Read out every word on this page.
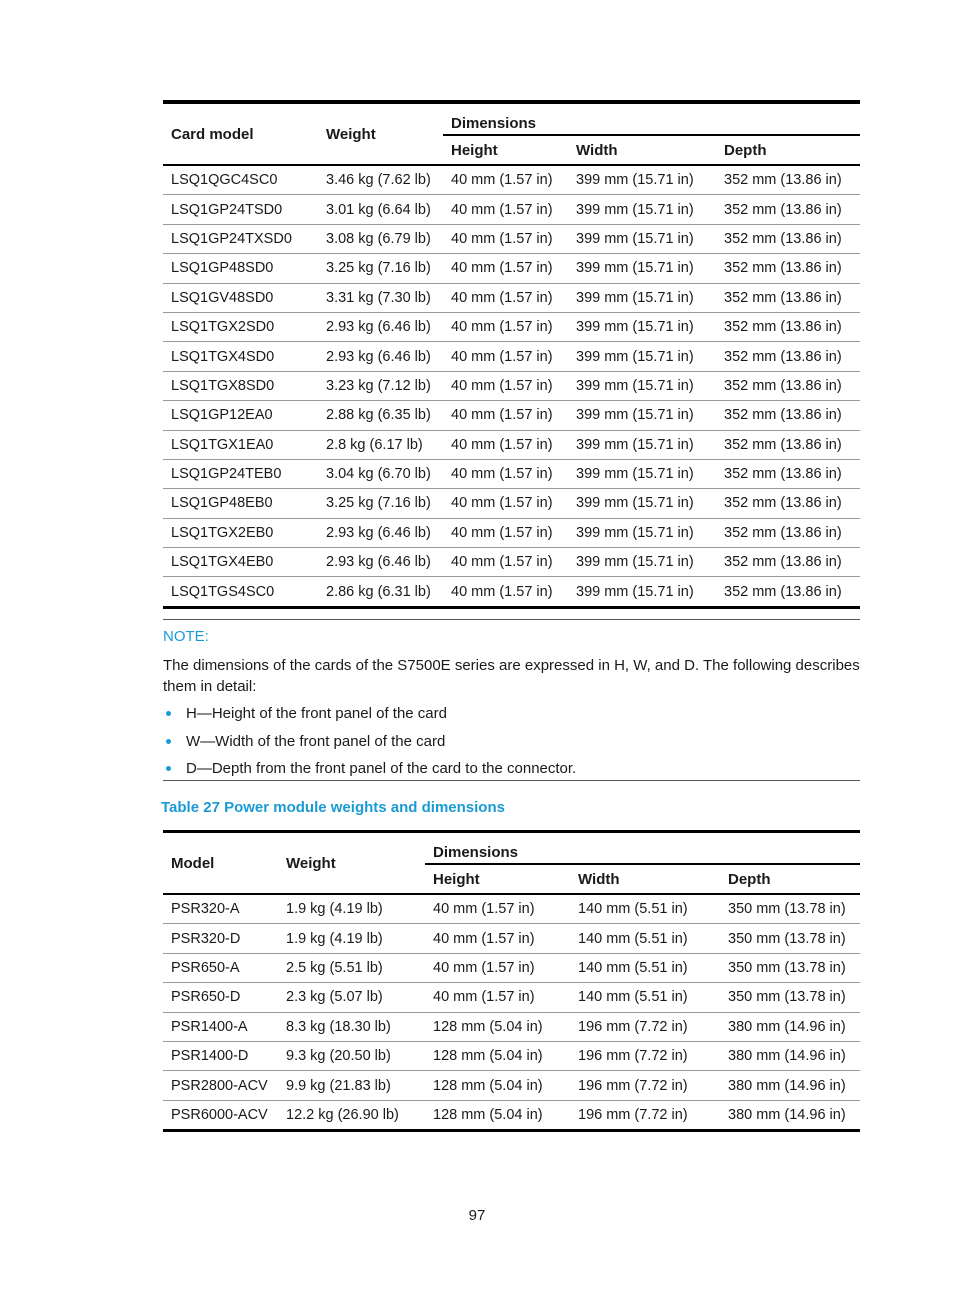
Card model	Weight	Dimensions		
		Height	Width	Depth
LSQ1QGC4SC0	3.46 kg (7.62 lb)	40 mm (1.57 in)	399 mm (15.71 in)	352 mm (13.86 in)
LSQ1GP24TSD0	3.01 kg (6.64 lb)	40 mm (1.57 in)	399 mm (15.71 in)	352 mm (13.86 in)
LSQ1GP24TXSD0	3.08 kg (6.79 lb)	40 mm (1.57 in)	399 mm (15.71 in)	352 mm (13.86 in)
LSQ1GP48SD0	3.25 kg (7.16 lb)	40 mm (1.57 in)	399 mm (15.71 in)	352 mm (13.86 in)
LSQ1GV48SD0	3.31 kg (7.30 lb)	40 mm (1.57 in)	399 mm (15.71 in)	352 mm (13.86 in)
LSQ1TGX2SD0	2.93 kg (6.46 lb)	40 mm (1.57 in)	399 mm (15.71 in)	352 mm (13.86 in)
LSQ1TGX4SD0	2.93 kg (6.46 lb)	40 mm (1.57 in)	399 mm (15.71 in)	352 mm (13.86 in)
LSQ1TGX8SD0	3.23 kg (7.12 lb)	40 mm (1.57 in)	399 mm (15.71 in)	352 mm (13.86 in)
LSQ1GP12EA0	2.88 kg (6.35 lb)	40 mm (1.57 in)	399 mm (15.71 in)	352 mm (13.86 in)
LSQ1TGX1EA0	2.8 kg (6.17 lb)	40 mm (1.57 in)	399 mm (15.71 in)	352 mm (13.86 in)
LSQ1GP24TEB0	3.04 kg (6.70 lb)	40 mm (1.57 in)	399 mm (15.71 in)	352 mm (13.86 in)
LSQ1GP48EB0	3.25 kg (7.16 lb)	40 mm (1.57 in)	399 mm (15.71 in)	352 mm (13.86 in)
LSQ1TGX2EB0	2.93 kg (6.46 lb)	40 mm (1.57 in)	399 mm (15.71 in)	352 mm (13.86 in)
LSQ1TGX4EB0	2.93 kg (6.46 lb)	40 mm (1.57 in)	399 mm (15.71 in)	352 mm (13.86 in)
LSQ1TGS4SC0	2.86 kg (6.31 lb)	40 mm (1.57 in)	399 mm (15.71 in)	352 mm (13.86 in)
NOTE:
The dimensions of the cards of the S7500E series are expressed in H, W, and D. The following describes them in detail:
H—Height of the front panel of the card
W—Width of the front panel of the card
D—Depth from the front panel of the card to the connector.
Table 27 Power module weights and dimensions
Model	Weight	Dimensions		
		Height	Width	Depth
PSR320-A	1.9 kg (4.19 lb)	40 mm (1.57 in)	140 mm (5.51 in)	350 mm (13.78 in)
PSR320-D	1.9 kg (4.19 lb)	40 mm (1.57 in)	140 mm (5.51 in)	350 mm (13.78 in)
PSR650-A	2.5 kg (5.51 lb)	40 mm (1.57 in)	140 mm (5.51 in)	350 mm (13.78 in)
PSR650-D	2.3 kg (5.07 lb)	40 mm (1.57 in)	140 mm (5.51 in)	350 mm (13.78 in)
PSR1400-A	8.3 kg (18.30 lb)	128 mm (5.04 in)	196 mm (7.72 in)	380 mm (14.96 in)
PSR1400-D	9.3 kg (20.50 lb)	128 mm (5.04 in)	196 mm (7.72 in)	380 mm (14.96 in)
PSR2800-ACV	9.9 kg (21.83 lb)	128 mm (5.04 in)	196 mm (7.72 in)	380 mm (14.96 in)
PSR6000-ACV	12.2 kg (26.90 lb)	128 mm (5.04 in)	196 mm (7.72 in)	380 mm (14.96 in)
97
